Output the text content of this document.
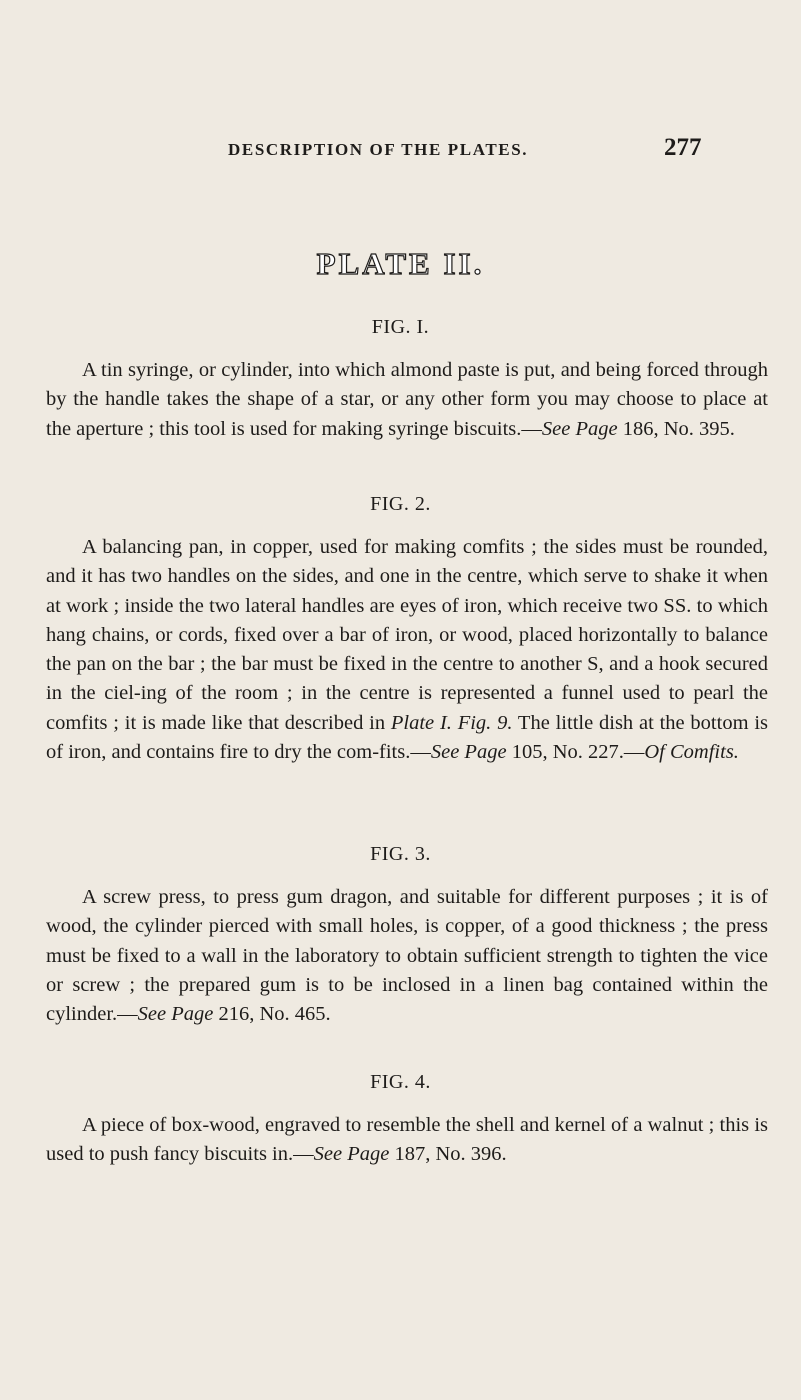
DESCRIPTION OF THE PLATES.	277
PLATE II.
FIG. I.

A tin syringe, or cylinder, into which almond paste is put, and being forced through by the handle takes the shape of a star, or any other form you may choose to place at the aperture ; this tool is used for making syringe biscuits.—See Page 186, No. 395.

FIG. 2.

A balancing pan, in copper, used for making comfits ; the sides must be rounded, and it has two handles on the sides, and one in the centre, which serve to shake it when at work ; inside the two lateral handles are eyes of iron, which receive two SS. to which hang chains, or cords, fixed over a bar of iron, or wood, placed horizontally to balance the pan on the bar ; the bar must be fixed in the centre to another S, and a hook secured in the ciel-ing of the room ; in the centre is represented a funnel used to pearl the comfits ; it is made like that described in Plate I. Fig. 9. The little dish at the bottom is of iron, and contains fire to dry the com-fits.—See Page 105, No. 227.—Of Comfits.

FIG. 3.

A screw press, to press gum dragon, and suitable for different purposes ; it is of wood, the cylinder pierced with small holes, is copper, of a good thickness ; the press must be fixed to a wall in the laboratory to obtain sufficient strength to tighten the vice or screw ; the prepared gum is to be inclosed in a linen bag contained within the cylinder.—See Page 216, No. 465.

FIG. 4.

A piece of box-wood, engraved to resemble the shell and kernel of a walnut ; this is used to push fancy biscuits in.—See Page 187, No. 396.
